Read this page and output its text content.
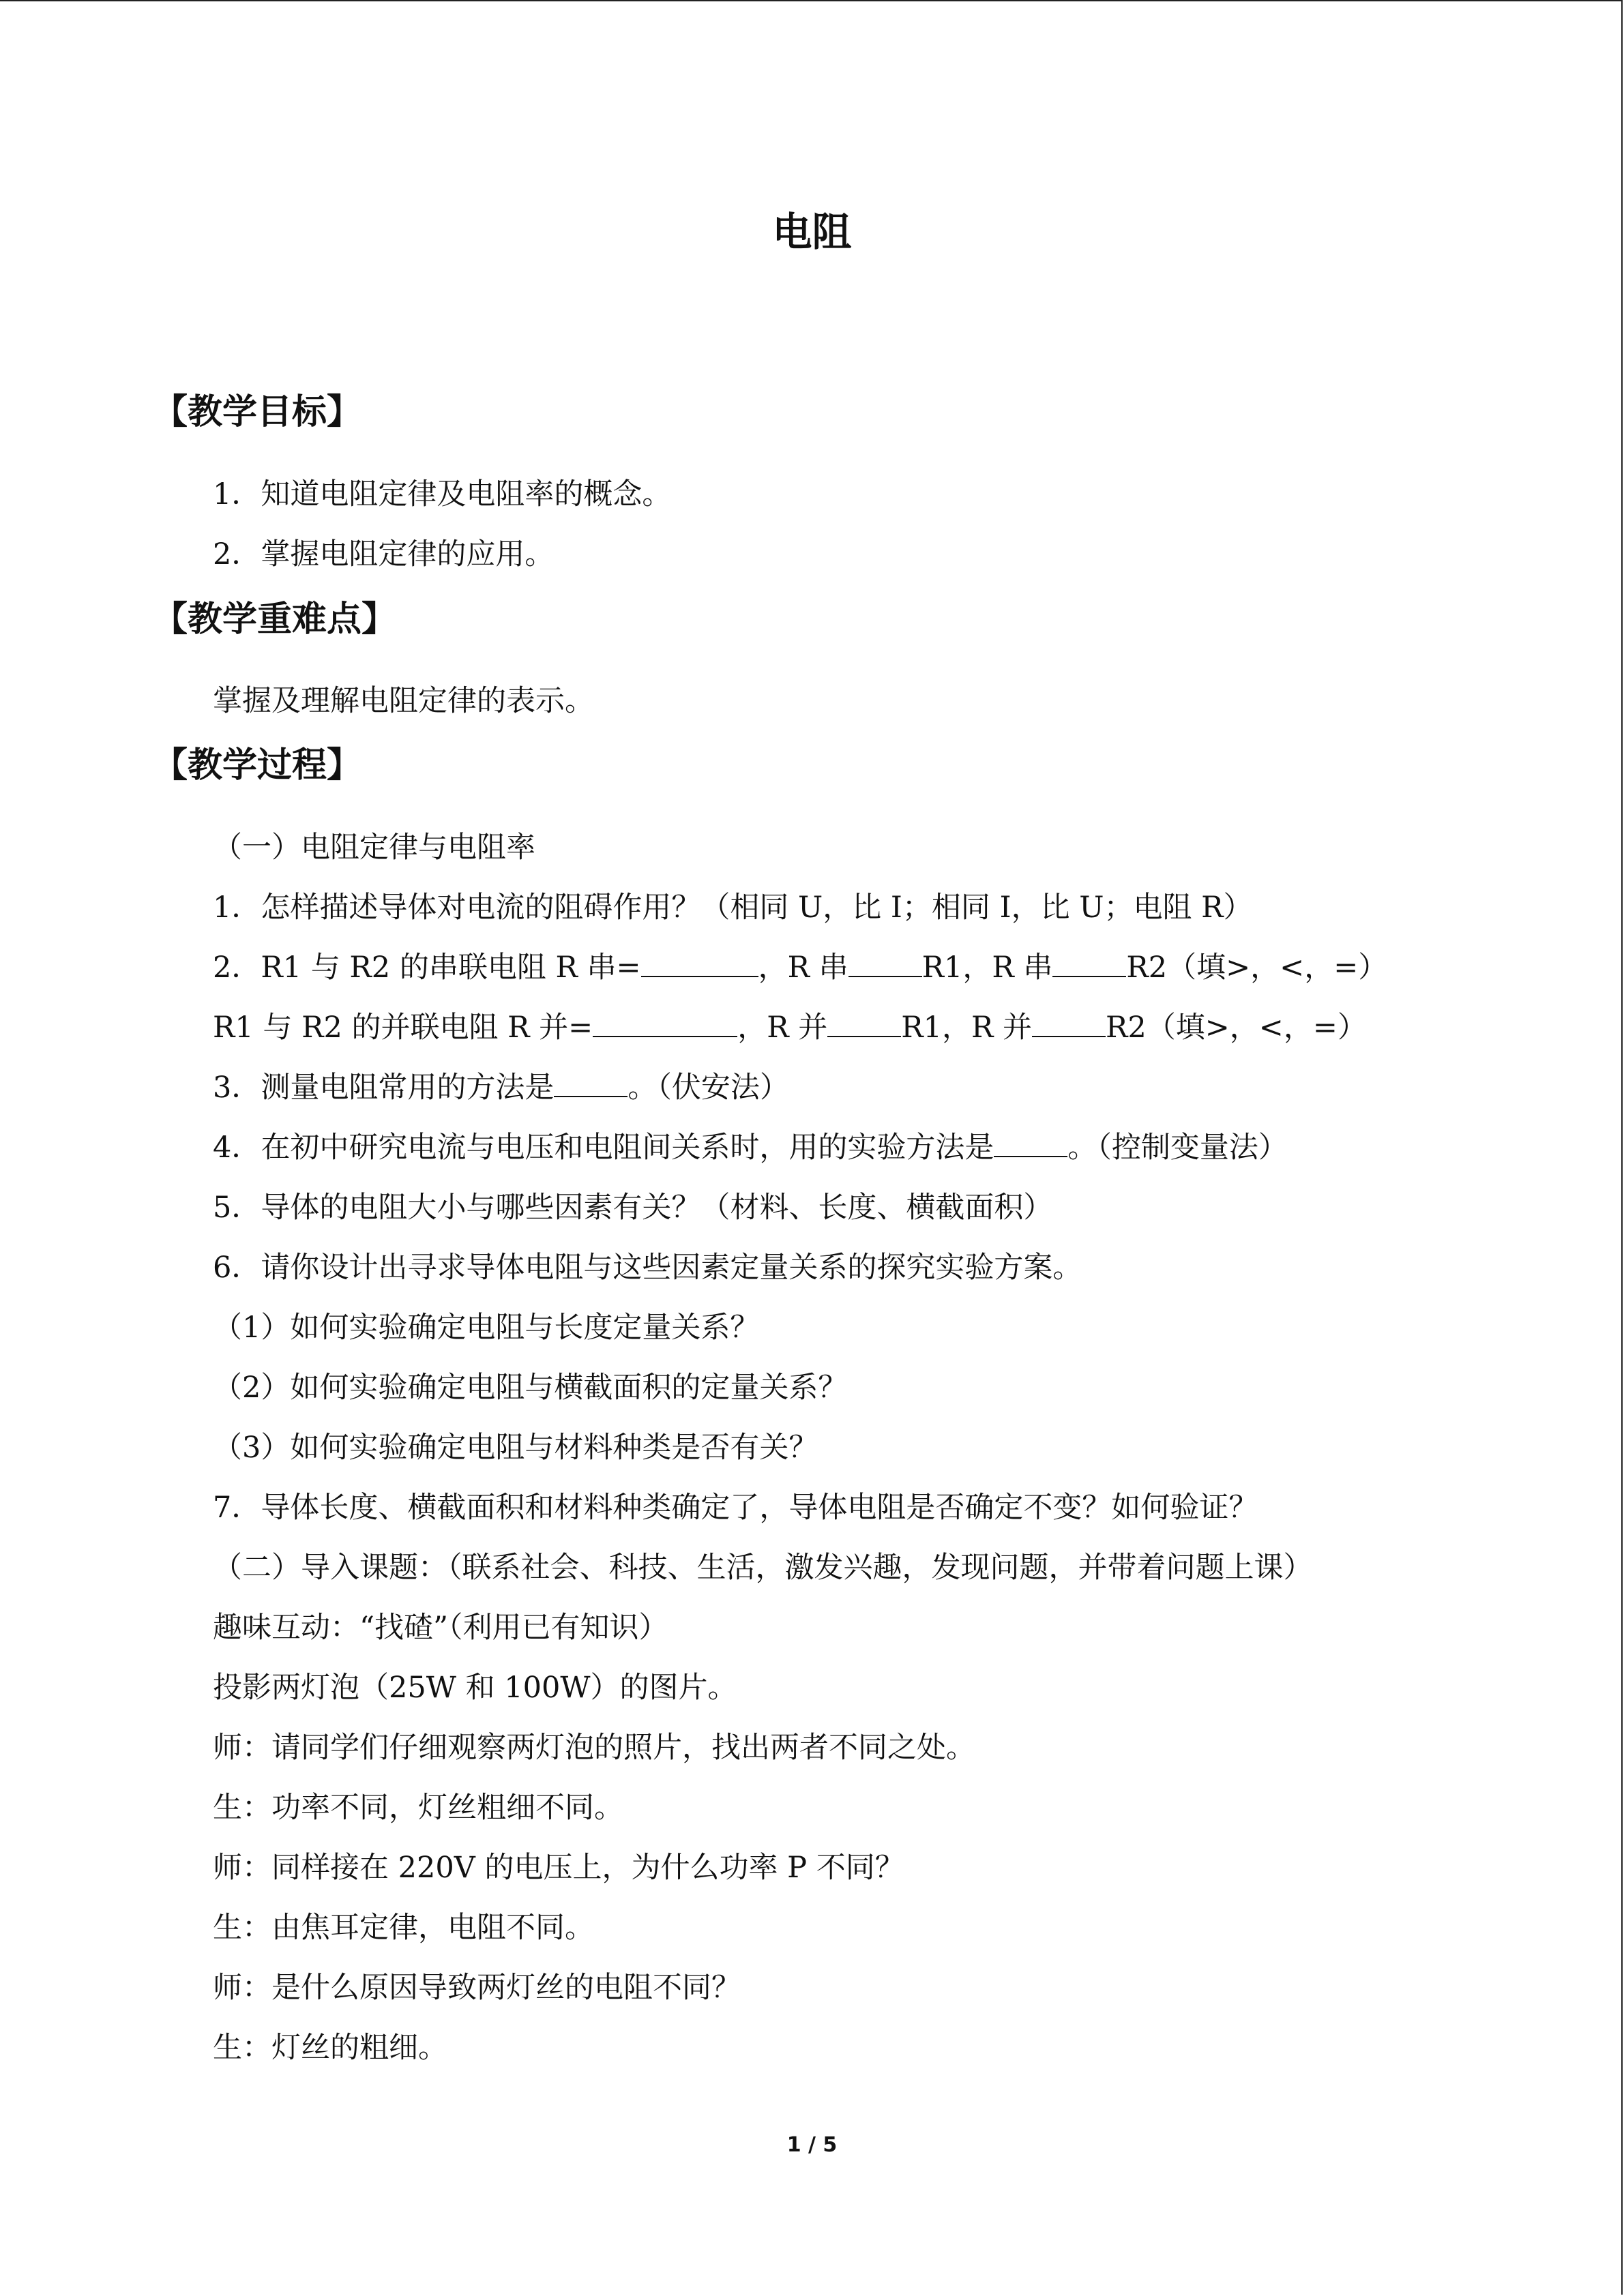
电阻
【教学目标】
1．知道电阻定律及电阻率的概念。
2．掌握电阻定律的应用。
【教学重难点】
掌握及理解电阻定律的表示。
【教学过程】
（一）电阻定律与电阻率
1．怎样描述导体对电流的阻碍作用？（相同 U，比 I；相同 I，比 U；电阻 R）
2．R1 与 R2 的串联电阻 R 串=	，R 串	R1，R 串	R2（填>，<，=）
R1 与 R2 的并联电阻 R 并=	，R 并	R1，R 并	R2（填>，<，=）
3．测量电阻常用的方法是	。（伏安法）
4．在初中研究电流与电压和电阻间关系时，用的实验方法是	。（控制变量法）
5．导体的电阻大小与哪些因素有关？（材料、长度、横截面积）
6．请你设计出寻求导体电阻与这些因素定量关系的探究实验方案。
（1）如何实验确定电阻与长度定量关系？
（2）如何实验确定电阻与横截面积的定量关系？
（3）如何实验确定电阻与材料种类是否有关？
7．导体长度、横截面积和材料种类确定了，导体电阻是否确定不变？如何验证？
（二）导入课题：（联系社会、科技、生活，激发兴趣，发现问题，并带着问题上课）
趣味互动：“找碴”（利用已有知识）
投影两灯泡（25W 和 100W）的图片。
师：请同学们仔细观察两灯泡的照片，找出两者不同之处。
生：功率不同，灯丝粗细不同。
师：同样接在 220V 的电压上，为什么功率 P 不同？
生：由焦耳定律，电阻不同。
师：是什么原因导致两灯丝的电阻不同？
生：灯丝的粗细。
1 / 5
